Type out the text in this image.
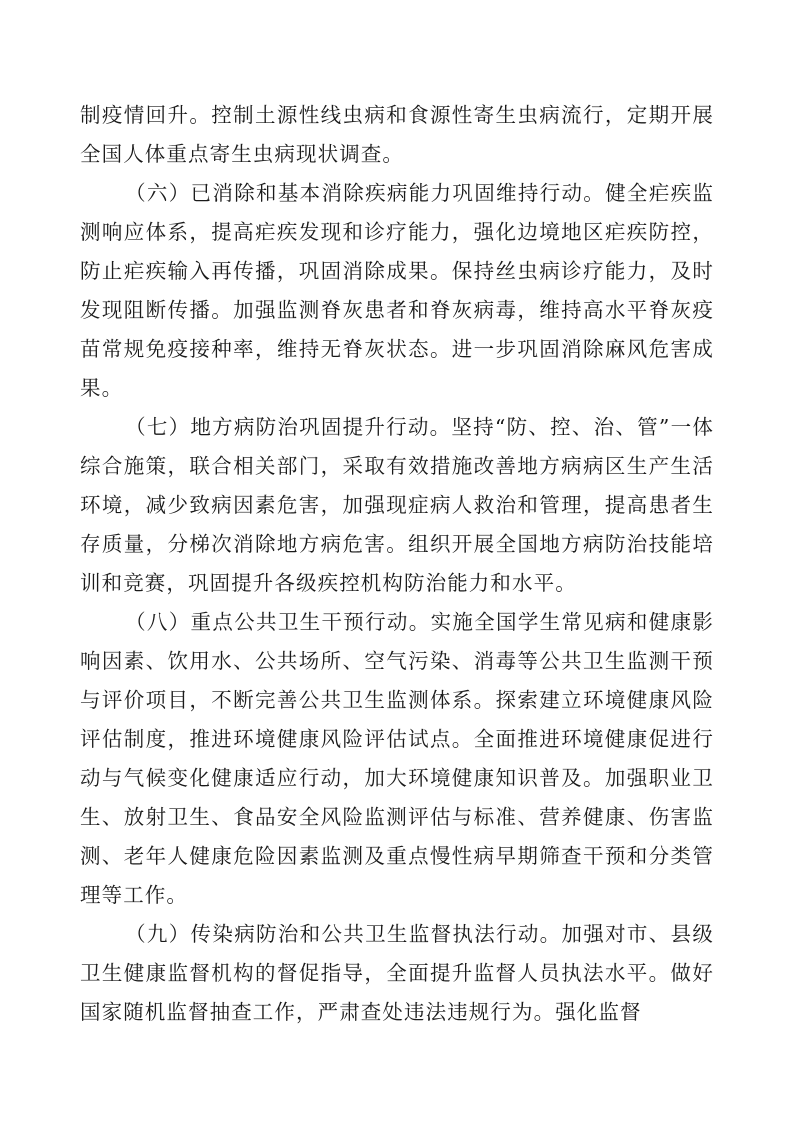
制疫情回升。控制土源性线虫病和食源性寄生虫病流行，定期开展全国人体重点寄生虫病现状调查。

（六）已消除和基本消除疾病能力巩固维持行动。健全疟疾监测响应体系，提高疟疾发现和诊疗能力，强化边境地区疟疾防控，防止疟疾输入再传播，巩固消除成果。保持丝虫病诊疗能力，及时发现阻断传播。加强监测脊灰患者和脊灰病毒，维持高水平脊灰疫苗常规免疫接种率，维持无脊灰状态。进一步巩固消除麻风危害成果。

（七）地方病防治巩固提升行动。坚持“防、控、治、管”一体综合施策，联合相关部门，采取有效措施改善地方病病区生产生活环境，减少致病因素危害，加强现症病人救治和管理，提高患者生存质量，分梯次消除地方病危害。组织开展全国地方病防治技能培训和竞赛，巩固提升各级疾控机构防治能力和水平。

（八）重点公共卫生干预行动。实施全国学生常见病和健康影响因素、饮用水、公共场所、空气污染、消毒等公共卫生监测干预与评价项目，不断完善公共卫生监测体系。探索建立环境健康风险评估制度，推进环境健康风险评估试点。全面推进环境健康促进行动与气候变化健康适应行动，加大环境健康知识普及。加强职业卫生、放射卫生、食品安全风险监测评估与标准、营养健康、伤害监测、老年人健康危险因素监测及重点慢性病早期筛查干预和分类管理等工作。

（九）传染病防治和公共卫生监督执法行动。加强对市、县级卫生健康监督机构的督促指导，全面提升监督人员执法水平。做好国家随机监督抽查工作，严肃查处违法违规行为。强化监督
